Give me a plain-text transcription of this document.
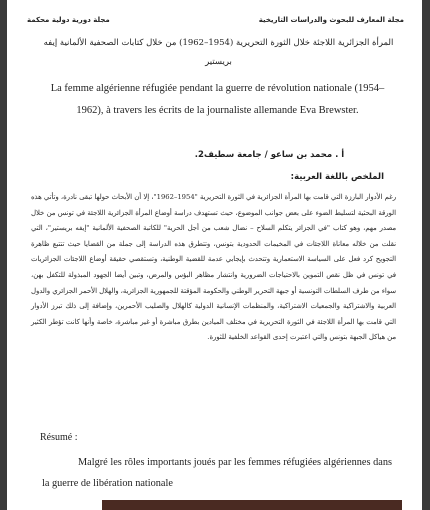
مجلة دورية دولية محكمة	مجلة المعارف للبحوث والدراسات التاريخية
المرأة الجزائرية اللاجئة خلال الثورة التحريرية (1954–1962) من خلال كتابات الصحفية الألمانية إيفه بريستير
La femme algérienne réfugiée pendant la guerre de révolution nationale (1954–1962), à travers les écrits de la journaliste allemande Eva Brewster.
أ . محمد بن ساعو / جامعة سطيف2.
الملخص باللغة العربية:
رغم الأدوار البارزة التي قامت بها المرأة الجزائرية في الثورة التحريرية "1954–1962"، إلا أن الأبحاث حولها تبقى نادرة، وتأتي هذه الورقة البحثية لتسليط الضوء على بعض جوانب الموضوع، حيث تستهدف دراسة أوضاع المرأة الجزائرية اللاجئة في تونس من خلال مصدر مهم، وهو كتاب "في الجزائر يتكلم السلاح – نضال شعب من أجل الحرية" للكاتبة الصحفية الألمانية "إيفه بريستير"، التي نقلت من خلاله معاناة اللاجئات في المخيمات الحدودية بتونس، وتتطرق هذه الدراسة إلى جملة من القضايا حيث تتتبع ظاهرة التجويح كرد فعل على السياسة الاستعمارية وتتحدث بإيجابي عدمة للقضية الوطنية، وتستقصي حقيقة أوضاع اللاجئات الجزائريات في تونس في ظل نقص التموين بالاحتياجات الضرورية وانتشار مظاهر البؤس والمرض، وتبين أيضا الجهود المبذولة للتكفل بهن، سواء من طرف السلطات التونسية أو جبهة التحرير الوطني والحكومة المؤقتة للجمهورية الجزائرية، والهلال الأحمر الجزائري والدول العربية والاشتراكية والجمعيات الاشتراكية، والمنظمات الإنسانية الدولية كالهلال والصليب الأحمرين، وإضافة إلى ذلك تبرز الأدوار التي قامت بها المرأة اللاجئة في الثورة التحريرية في مختلف الميادين بطرق مباشرة أو غير مباشرة، خاصة وأنها كانت تؤطر الكثير من هياكل الجبهة بتونس والتي اعتبرت إحدى القواعد الخلفية للثورة.
Résumé :
Malgré les rôles importants joués par les femmes réfugiées algériennes dans la guerre de libération nationale
